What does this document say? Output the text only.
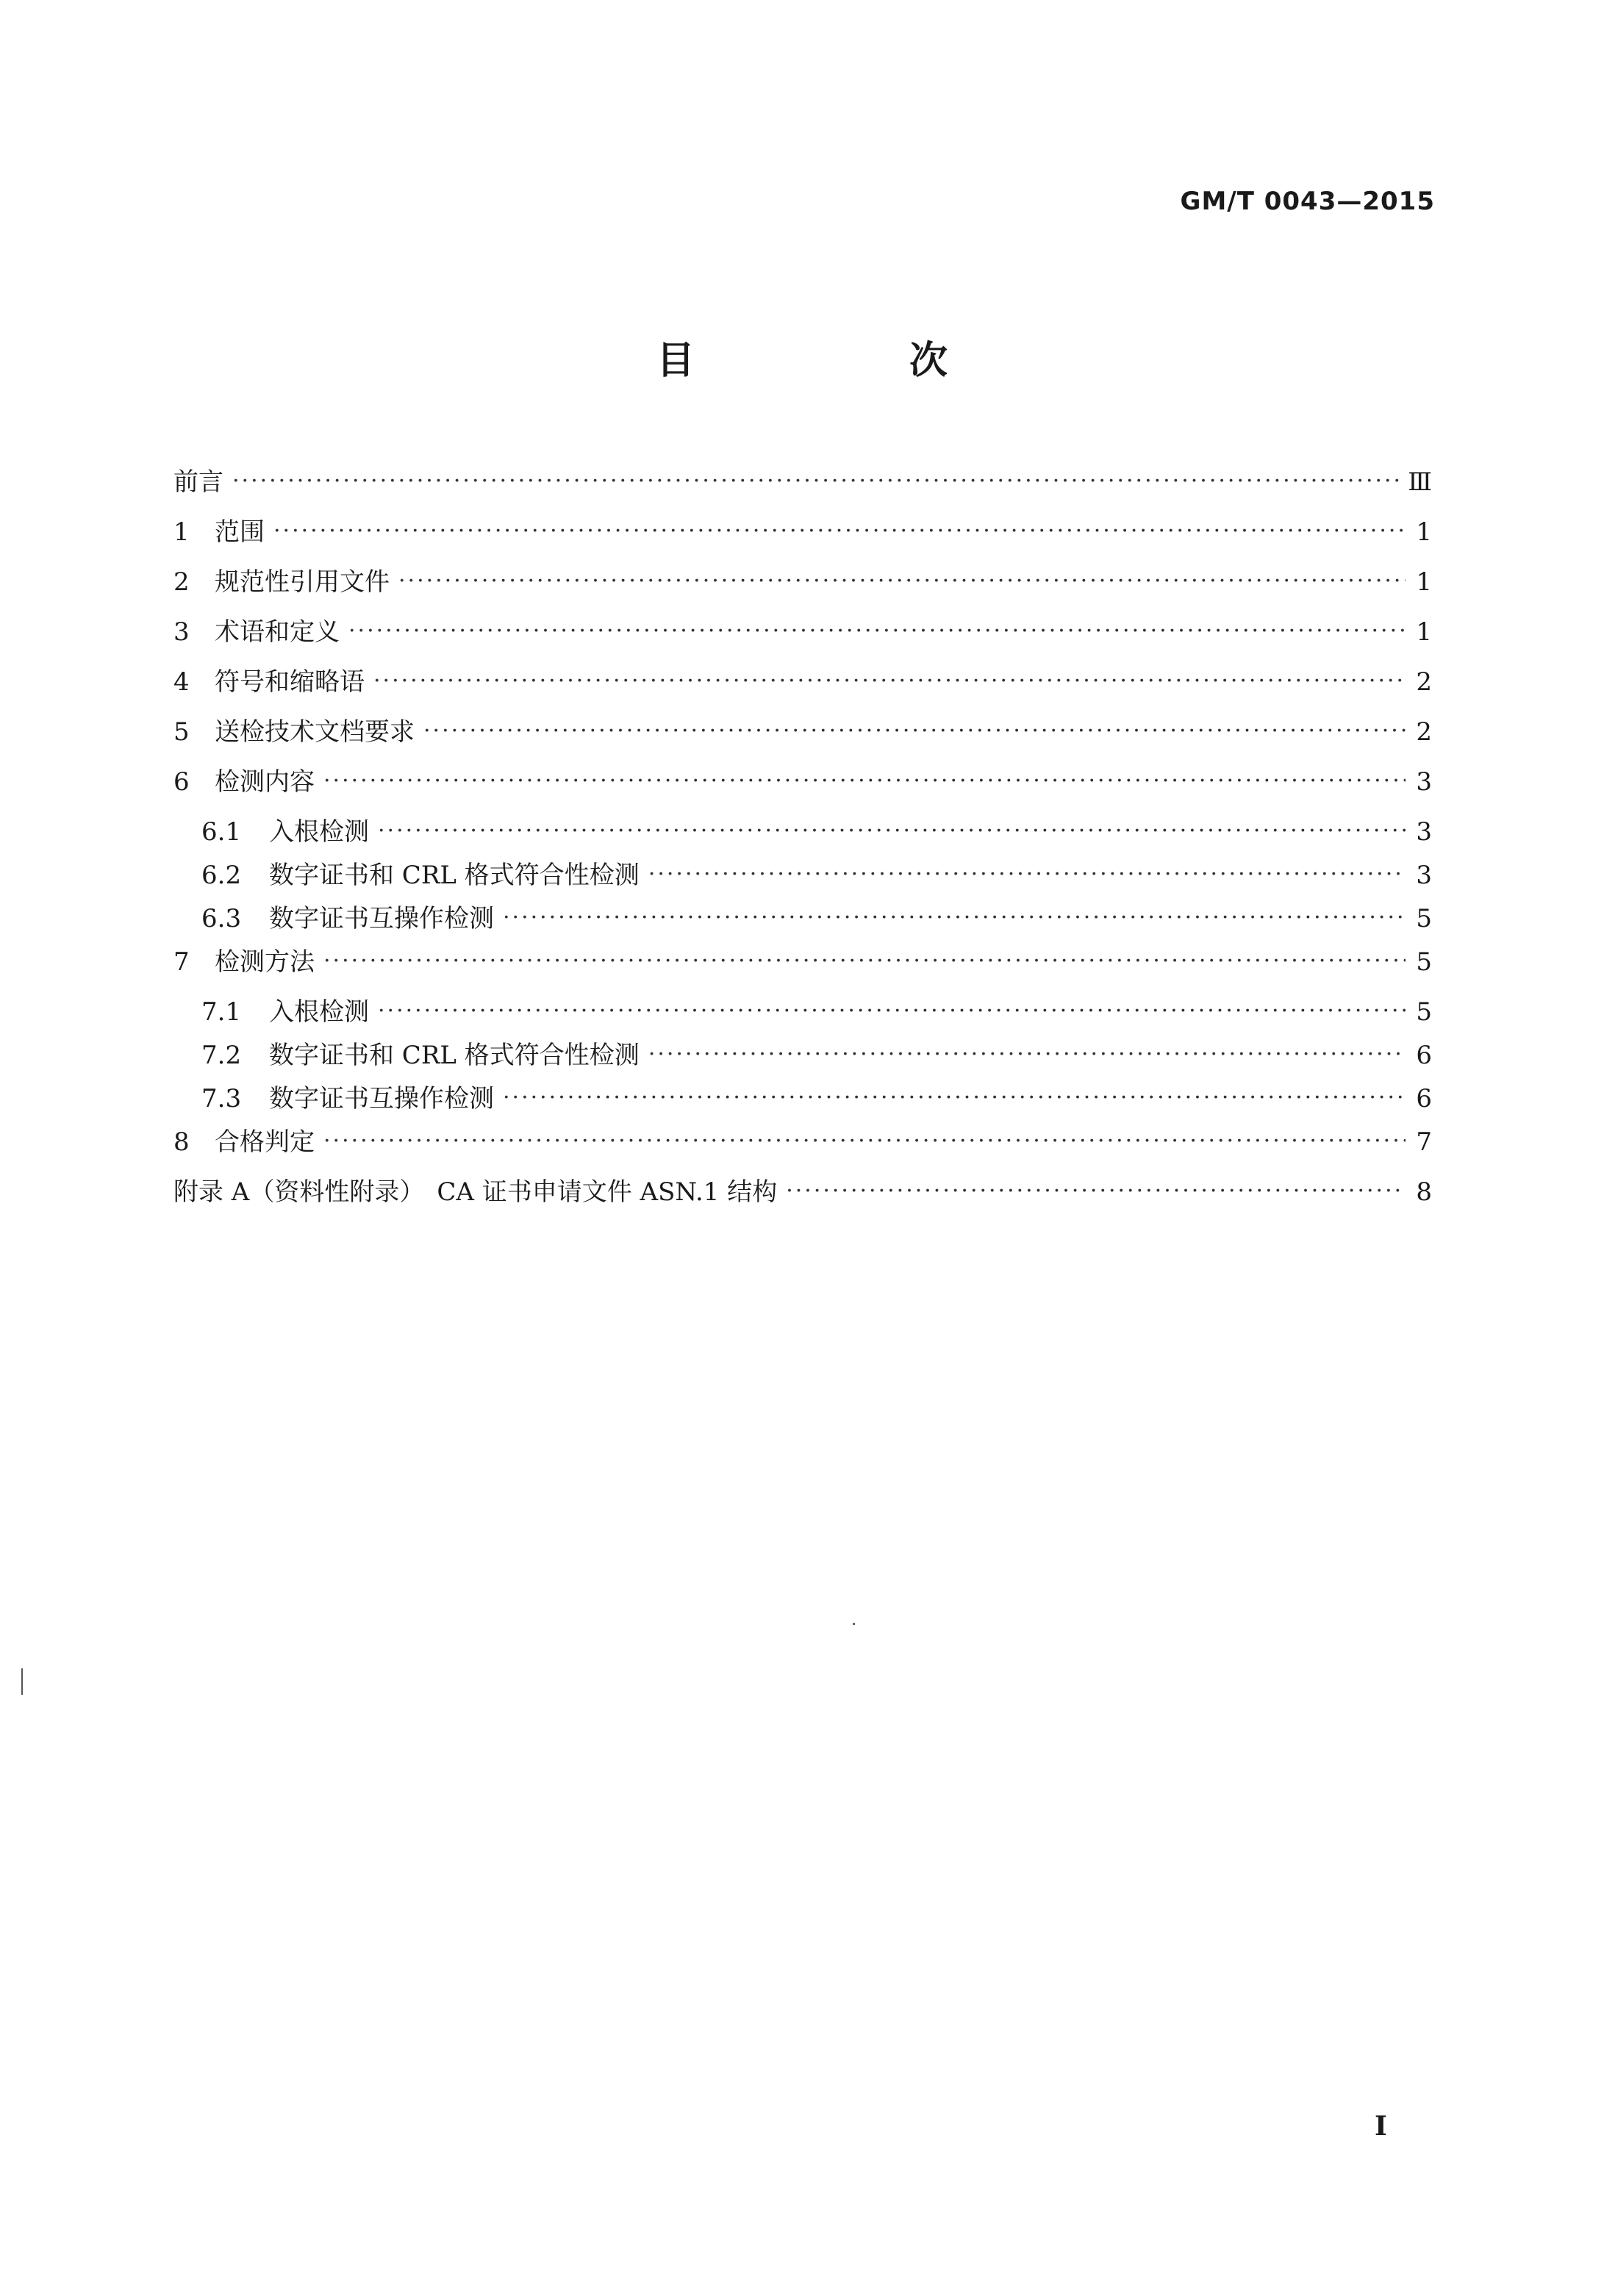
GM/T 0043—2015
目　次
前言 ·····	Ⅲ
1 范围 ·····	1
2 规范性引用文件 ·····	1
3 术语和定义 ·····	1
4 符号和缩略语 ·····	2
5 送检技术文档要求 ·····	2
6 检测内容 ·····	3
6.1 入根检测 ·····	3
6.2 数字证书和 CRL 格式符合性检测 ·····	3
6.3 数字证书互操作检测 ·····	5
7 检测方法 ·····	5
7.1 入根检测 ·····	5
7.2 数字证书和 CRL 格式符合性检测 ·····	6
7.3 数字证书互操作检测 ·····	6
8 合格判定 ·····	7
附录 A（资料性附录）　CA 证书申请文件 ASN.1 结构 ·····	8
I
